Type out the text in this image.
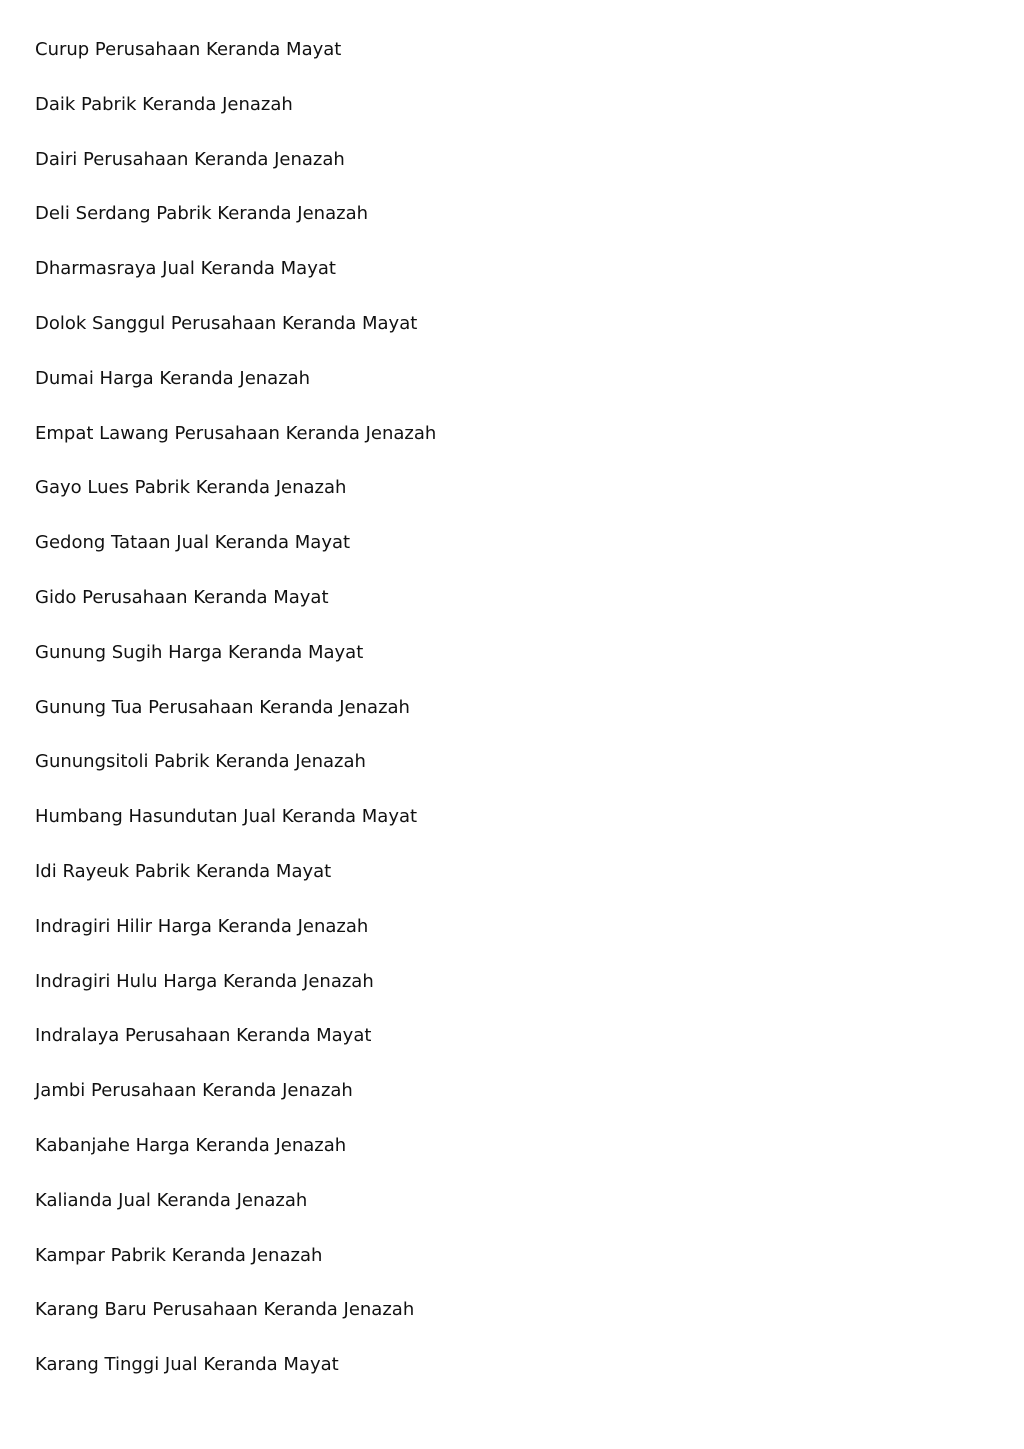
Curup Perusahaan Keranda Mayat
Daik Pabrik Keranda Jenazah
Dairi Perusahaan Keranda Jenazah
Deli Serdang Pabrik Keranda Jenazah
Dharmasraya Jual Keranda Mayat
Dolok Sanggul Perusahaan Keranda Mayat
Dumai Harga Keranda Jenazah
Empat Lawang Perusahaan Keranda Jenazah
Gayo Lues Pabrik Keranda Jenazah
Gedong Tataan Jual Keranda Mayat
Gido Perusahaan Keranda Mayat
Gunung Sugih Harga Keranda Mayat
Gunung Tua Perusahaan Keranda Jenazah
Gunungsitoli Pabrik Keranda Jenazah
Humbang Hasundutan Jual Keranda Mayat
Idi Rayeuk Pabrik Keranda Mayat
Indragiri Hilir Harga Keranda Jenazah
Indragiri Hulu Harga Keranda Jenazah
Indralaya Perusahaan Keranda Mayat
Jambi Perusahaan Keranda Jenazah
Kabanjahe Harga Keranda Jenazah
Kalianda Jual Keranda Jenazah
Kampar Pabrik Keranda Jenazah
Karang Baru Perusahaan Keranda Jenazah
Karang Tinggi Jual Keranda Mayat
